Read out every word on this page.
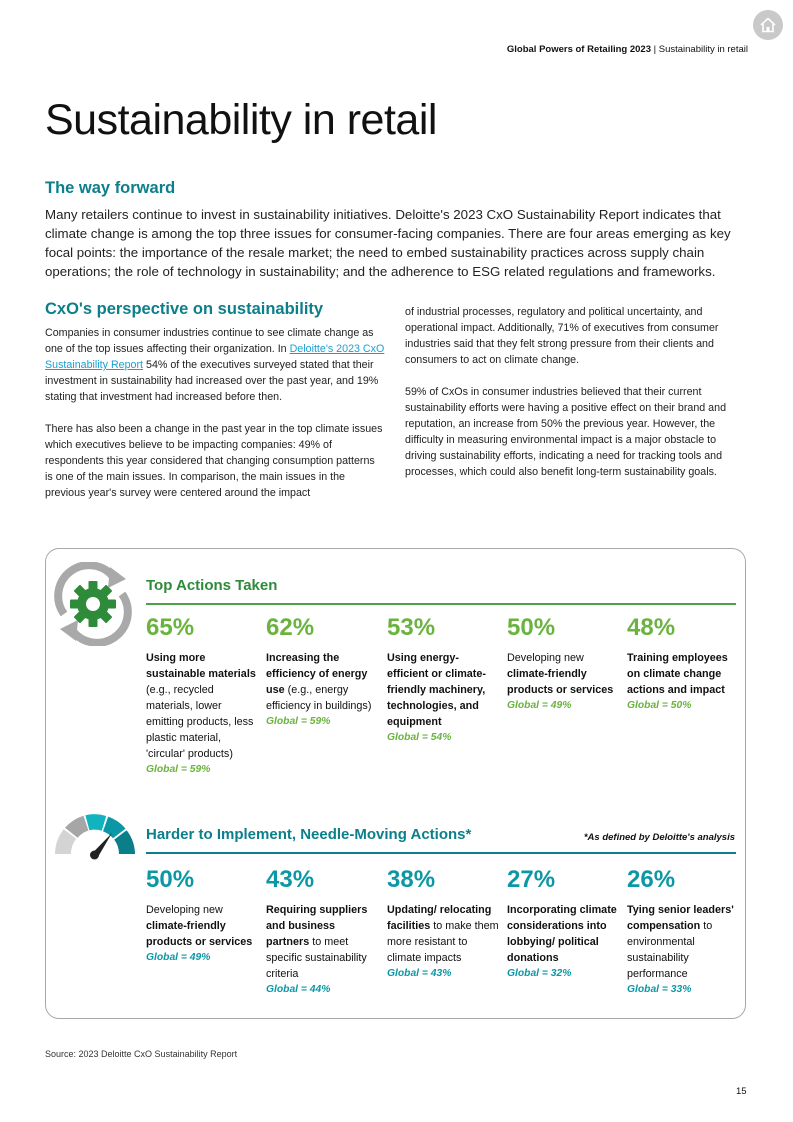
Global Powers of Retailing 2023 | Sustainability in retail
Sustainability in retail
The way forward
Many retailers continue to invest in sustainability initiatives. Deloitte's 2023 CxO Sustainability Report indicates that climate change is among the top three issues for consumer-facing companies. There are four areas emerging as key focal points: the importance of the resale market; the need to embed sustainability practices across supply chain operations; the role of technology in sustainability; and the adherence to ESG related regulations and frameworks.
CxO's perspective on sustainability

Companies in consumer industries continue to see climate change as one of the top issues affecting their organization. In Deloitte's 2023 CxO Sustainability Report 54% of the executives surveyed stated that their investment in sustainability had increased over the past year, and 19% stating that investment had increased before then.

There has also been a change in the past year in the top climate issues which executives believe to be impacting companies: 49% of respondents this year considered that changing consumption patterns is one of the main issues. In comparison, the main issues in the previous year's survey were centered around the impact

of industrial processes, regulatory and political uncertainty, and operational impact. Additionally, 71% of executives from consumer industries said that they felt strong pressure from their clients and consumers to act on climate change.

59% of CxOs in consumer industries believed that their current sustainability efforts were having a positive effect on their brand and reputation, an increase from 50% the previous year. However, the difficulty in measuring environmental impact is a major obstacle to driving sustainability efforts, indicating a need for tracking tools and processes, which could also benefit long-term sustainability goals.

Top Actions Taken
65%
Using more sustainable materials (e.g., recycled materials, lower emitting products, less plastic material, 'circular' products)
Global = 59%
62%
Increasing the efficiency of energy use (e.g., energy efficiency in buildings)
Global = 59%
53%
Using energy-efficient or climate-friendly machinery, technologies, and equipment
Global = 54%
50%
Developing new climate-friendly products or services
Global = 49%
48%
Training employees on climate change actions and impact
Global = 50%
Harder to Implement, Needle-Moving Actions*	*As defined by Deloitte's analysis
50%
Developing new climate-friendly products or services
Global = 49%
43%
Requiring suppliers and business partners to meet specific sustainability criteria
Global = 44%
38%
Updating/ relocating facilities to make them more resistant to climate impacts
Global = 43%
27%
Incorporating climate considerations into lobbying/ political donations
Global = 32%
26%
Tying senior leaders' compensation to environmental sustainability performance
Global = 33%
Source: 2023 Deloitte CxO Sustainability Report
15
